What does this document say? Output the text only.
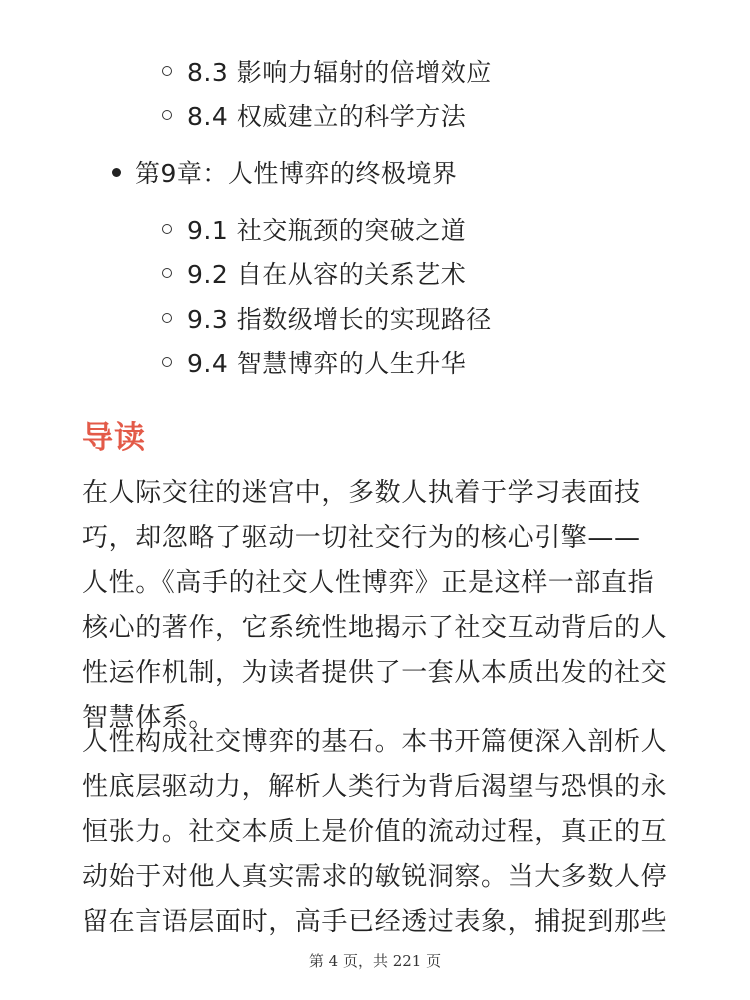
8.3 影响力辐射的倍增效应
8.4 权威建立的科学方法
第9章：人性博弈的终极境界
9.1 社交瓶颈的突破之道
9.2 自在从容的关系艺术
9.3 指数级增长的实现路径
9.4 智慧博弈的人生升华
导读
在人际交往的迷宫中，多数人执着于学习表面技
巧，却忽略了驱动一切社交行为的核心引擎——
人性。《高手的社交人性博弈》正是这样一部直指
核心的著作，它系统性地揭示了社交互动背后的人
性运作机制，为读者提供了一套从本质出发的社交
智慧体系。
人性构成社交博弈的基石。本书开篇便深入剖析人
性底层驱动力，解析人类行为背后渴望与恐惧的永
恒张力。社交本质上是价值的流动过程，真正的互
动始于对他人真实需求的敏锐洞察。当大多数人停
留在言语层面时，高手已经透过表象，捕捉到那些
第 4 页，共 221 页
